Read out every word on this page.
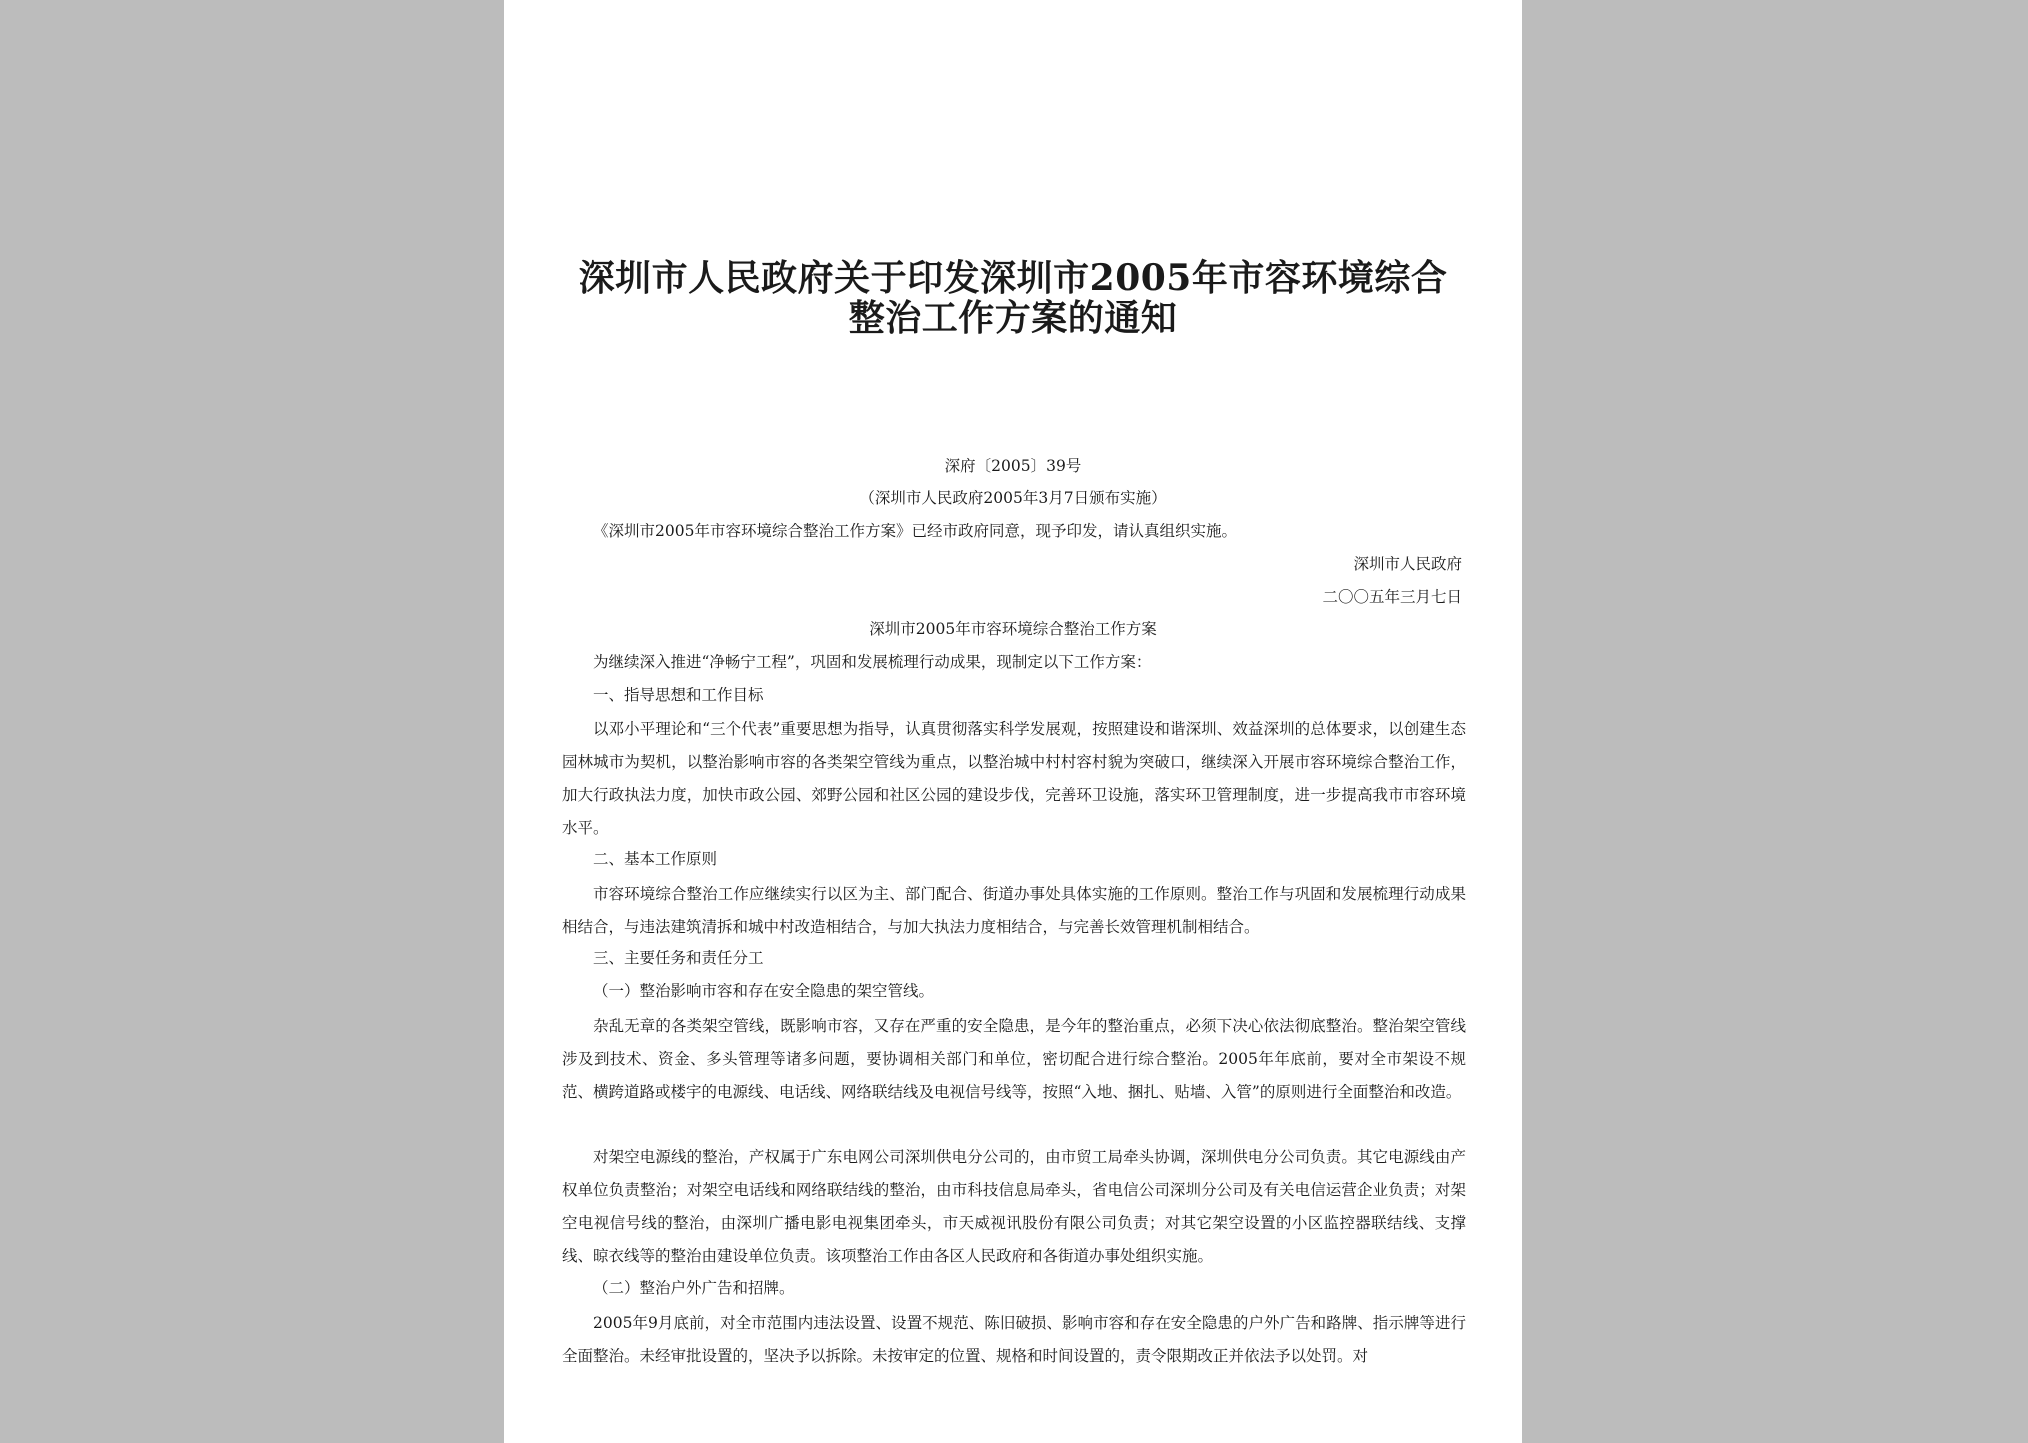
深圳市人民政府关于印发深圳市2005年市容环境综合
整治工作方案的通知
深府〔2005〕39号
（深圳市人民政府2005年3月7日颁布实施）
《深圳市2005年市容环境综合整治工作方案》已经市政府同意，现予印发，请认真组织实施。
深圳市人民政府
二〇〇五年三月七日
深圳市2005年市容环境综合整治工作方案
为继续深入推进“净畅宁工程”，巩固和发展梳理行动成果，现制定以下工作方案：
一、指导思想和工作目标
以邓小平理论和“三个代表”重要思想为指导，认真贯彻落实科学发展观，按照建设和谐深圳、效益深圳的总体要求，以创建生态园林城市为契机，以整治影响市容的各类架空管线为重点，以整治城中村村容村貌为突破口，继续深入开展市容环境综合整治工作，加大行政执法力度，加快市政公园、郊野公园和社区公园的建设步伐，完善环卫设施，落实环卫管理制度，进一步提高我市市容环境水平。
二、基本工作原则
市容环境综合整治工作应继续实行以区为主、部门配合、街道办事处具体实施的工作原则。整治工作与巩固和发展梳理行动成果相结合，与违法建筑清拆和城中村改造相结合，与加大执法力度相结合，与完善长效管理机制相结合。
三、主要任务和责任分工
（一）整治影响市容和存在安全隐患的架空管线。
杂乱无章的各类架空管线，既影响市容，又存在严重的安全隐患，是今年的整治重点，必须下决心依法彻底整治。整治架空管线涉及到技术、资金、多头管理等诸多问题，要协调相关部门和单位，密切配合进行综合整治。2005年年底前，要对全市架设不规范、横跨道路或楼宇的电源线、电话线、网络联结线及电视信号线等，按照“入地、捆扎、贴墙、入管”的原则进行全面整治和改造。
对架空电源线的整治，产权属于广东电网公司深圳供电分公司的，由市贸工局牵头协调，深圳供电分公司负责。其它电源线由产权单位负责整治；对架空电话线和网络联结线的整治，由市科技信息局牵头，省电信公司深圳分公司及有关电信运营企业负责；对架空电视信号线的整治，由深圳广播电影电视集团牵头，市天威视讯股份有限公司负责；对其它架空设置的小区监控器联结线、支撑线、晾衣线等的整治由建设单位负责。该项整治工作由各区人民政府和各街道办事处组织实施。
（二）整治户外广告和招牌。
2005年9月底前，对全市范围内违法设置、设置不规范、陈旧破损、影响市容和存在安全隐患的户外广告和路牌、指示牌等进行全面整治。未经审批设置的，坚决予以拆除。未按审定的位置、规格和时间设置的，责令限期改正并依法予以处罚。对
